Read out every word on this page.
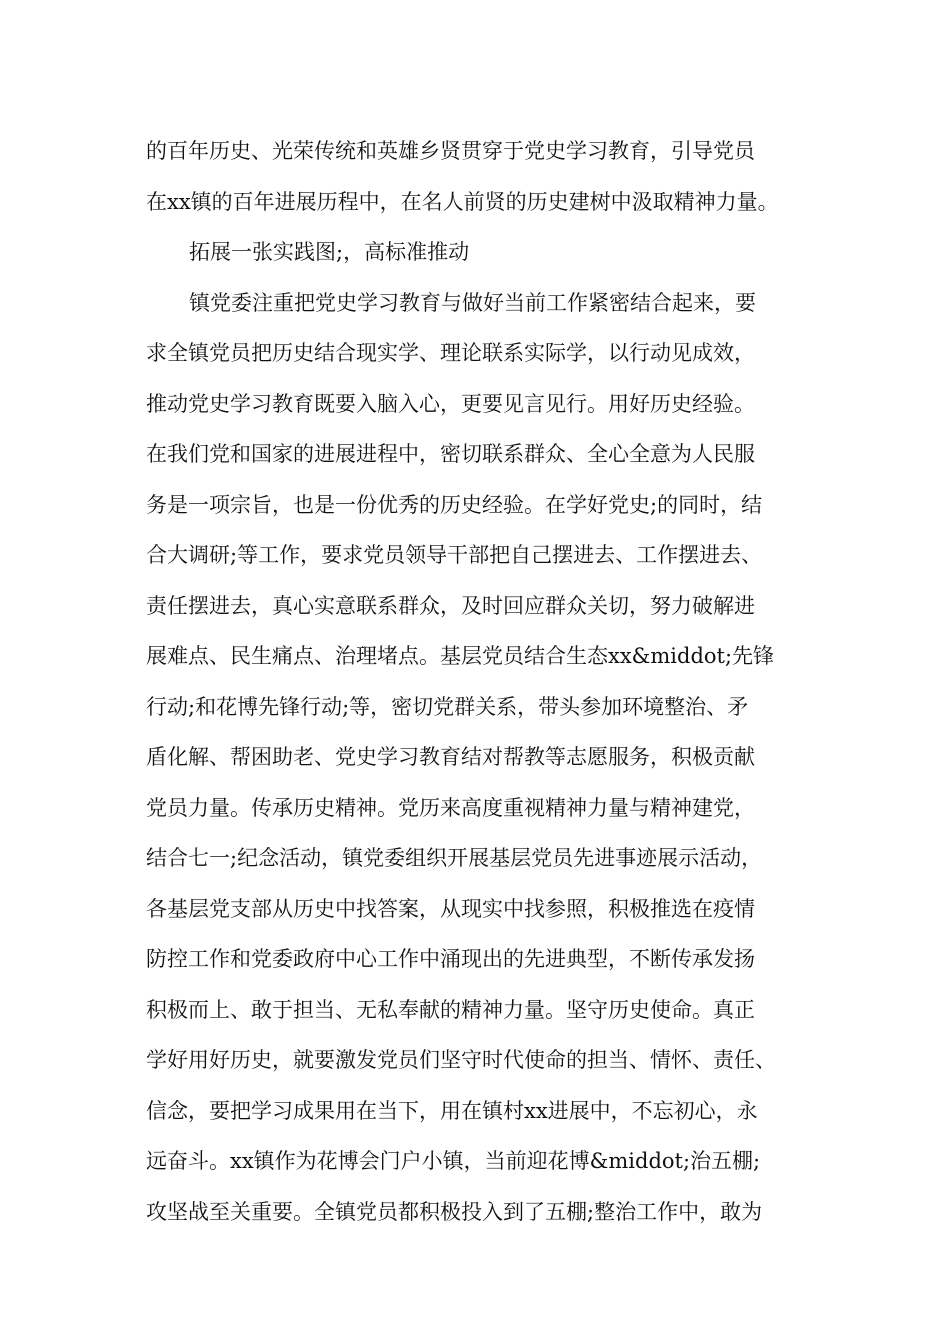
的百年历史、光荣传统和英雄乡贤贯穿于党史学习教育，引导党员
在xx镇的百年进展历程中，在名人前贤的历史建树中汲取精神力量。
拓展一张实践图;，高标准推动
镇党委注重把党史学习教育与做好当前工作紧密结合起来，要
求全镇党员把历史结合现实学、理论联系实际学，以行动见成效，
推动党史学习教育既要入脑入心，更要见言见行。用好历史经验。
在我们党和国家的进展进程中，密切联系群众、全心全意为人民服
务是一项宗旨，也是一份优秀的历史经验。在学好党史;的同时，结
合大调研;等工作，要求党员领导干部把自己摆进去、工作摆进去、
责任摆进去，真心实意联系群众，及时回应群众关切，努力破解进
展难点、民生痛点、治理堵点。基层党员结合生态xx&middot;先锋
行动;和花博先锋行动;等，密切党群关系，带头参加环境整治、矛
盾化解、帮困助老、党史学习教育结对帮教等志愿服务，积极贡献
党员力量。传承历史精神。党历来高度重视精神力量与精神建党，
结合七一;纪念活动，镇党委组织开展基层党员先进事迹展示活动，
各基层党支部从历史中找答案，从现实中找参照，积极推选在疫情
防控工作和党委政府中心工作中涌现出的先进典型，不断传承发扬
积极而上、敢于担当、无私奉献的精神力量。坚守历史使命。真正
学好用好历史，就要激发党员们坚守时代使命的担当、情怀、责任、
信念，要把学习成果用在当下，用在镇村xx进展中，不忘初心，永
远奋斗。xx镇作为花博会门户小镇，当前迎花博&middot;治五棚;
攻坚战至关重要。全镇党员都积极投入到了五棚;整治工作中，敢为
